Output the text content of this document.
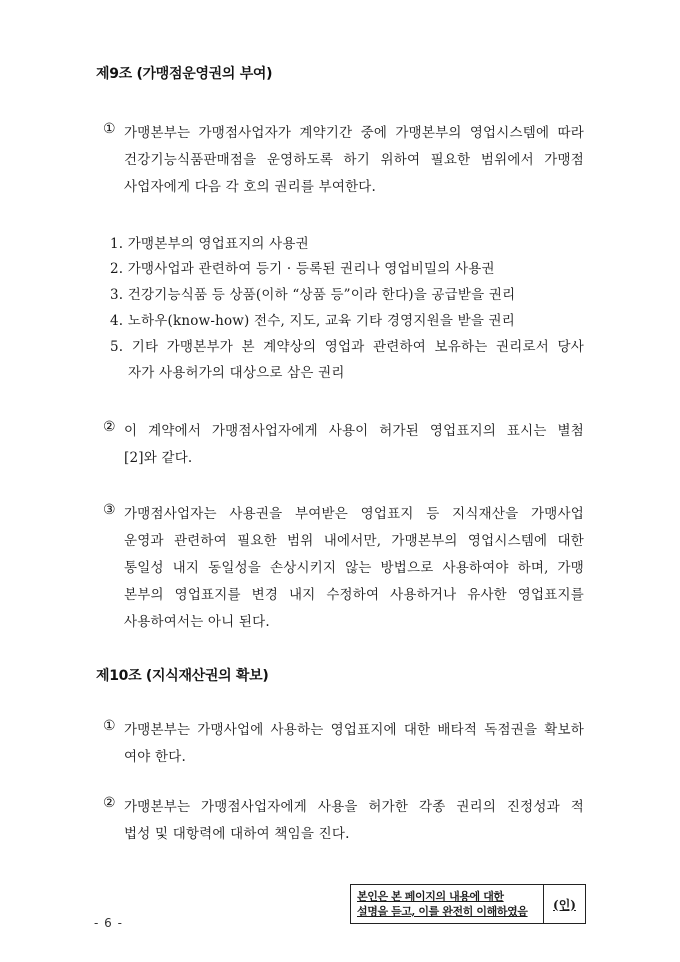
제9조 (가맹점운영권의 부여)
① 가맹본부는 가맹점사업자가 계약기간 중에 가맹본부의 영업시스템에 따라
건강기능식품판매점을 운영하도록 하기 위하여 필요한 범위에서 가맹점
사업자에게 다음 각 호의 권리를 부여한다.
1. 가맹본부의 영업표지의 사용권
2. 가맹사업과 관련하여 등기 · 등록된 권리나 영업비밀의 사용권
3. 건강기능식품 등 상품(이하 “상품 등”이라 한다)을 공급받을 권리
4. 노하우(know-how) 전수, 지도, 교육 기타 경영지원을 받을 권리
5. 기타 가맹본부가 본 계약상의 영업과 관련하여 보유하는 권리로서 당사
자가 사용허가의 대상으로 삼은 권리
② 이 계약에서 가맹점사업자에게 사용이 허가된 영업표지의 표시는 별첨
[2]와 같다.
③ 가맹점사업자는 사용권을 부여받은 영업표지 등 지식재산을 가맹사업
운영과 관련하여 필요한 범위 내에서만, 가맹본부의 영업시스템에 대한
통일성 내지 동일성을 손상시키지 않는 방법으로 사용하여야 하며, 가맹
본부의 영업표지를 변경 내지 수정하여 사용하거나 유사한 영업표지를
사용하여서는 아니 된다.
제10조 (지식재산권의 확보)
① 가맹본부는 가맹사업에 사용하는 영업표지에 대한 배타적 독점권을 확보하
여야 한다.
② 가맹본부는 가맹점사업자에게 사용을 허가한 각종 권리의 진정성과 적
법성 및 대항력에 대하여 책임을 진다.
본인은 본 페이지의 내용에 대한
설명을 듣고, 이를 완전히 이해하였음	(인)
- 6 -
